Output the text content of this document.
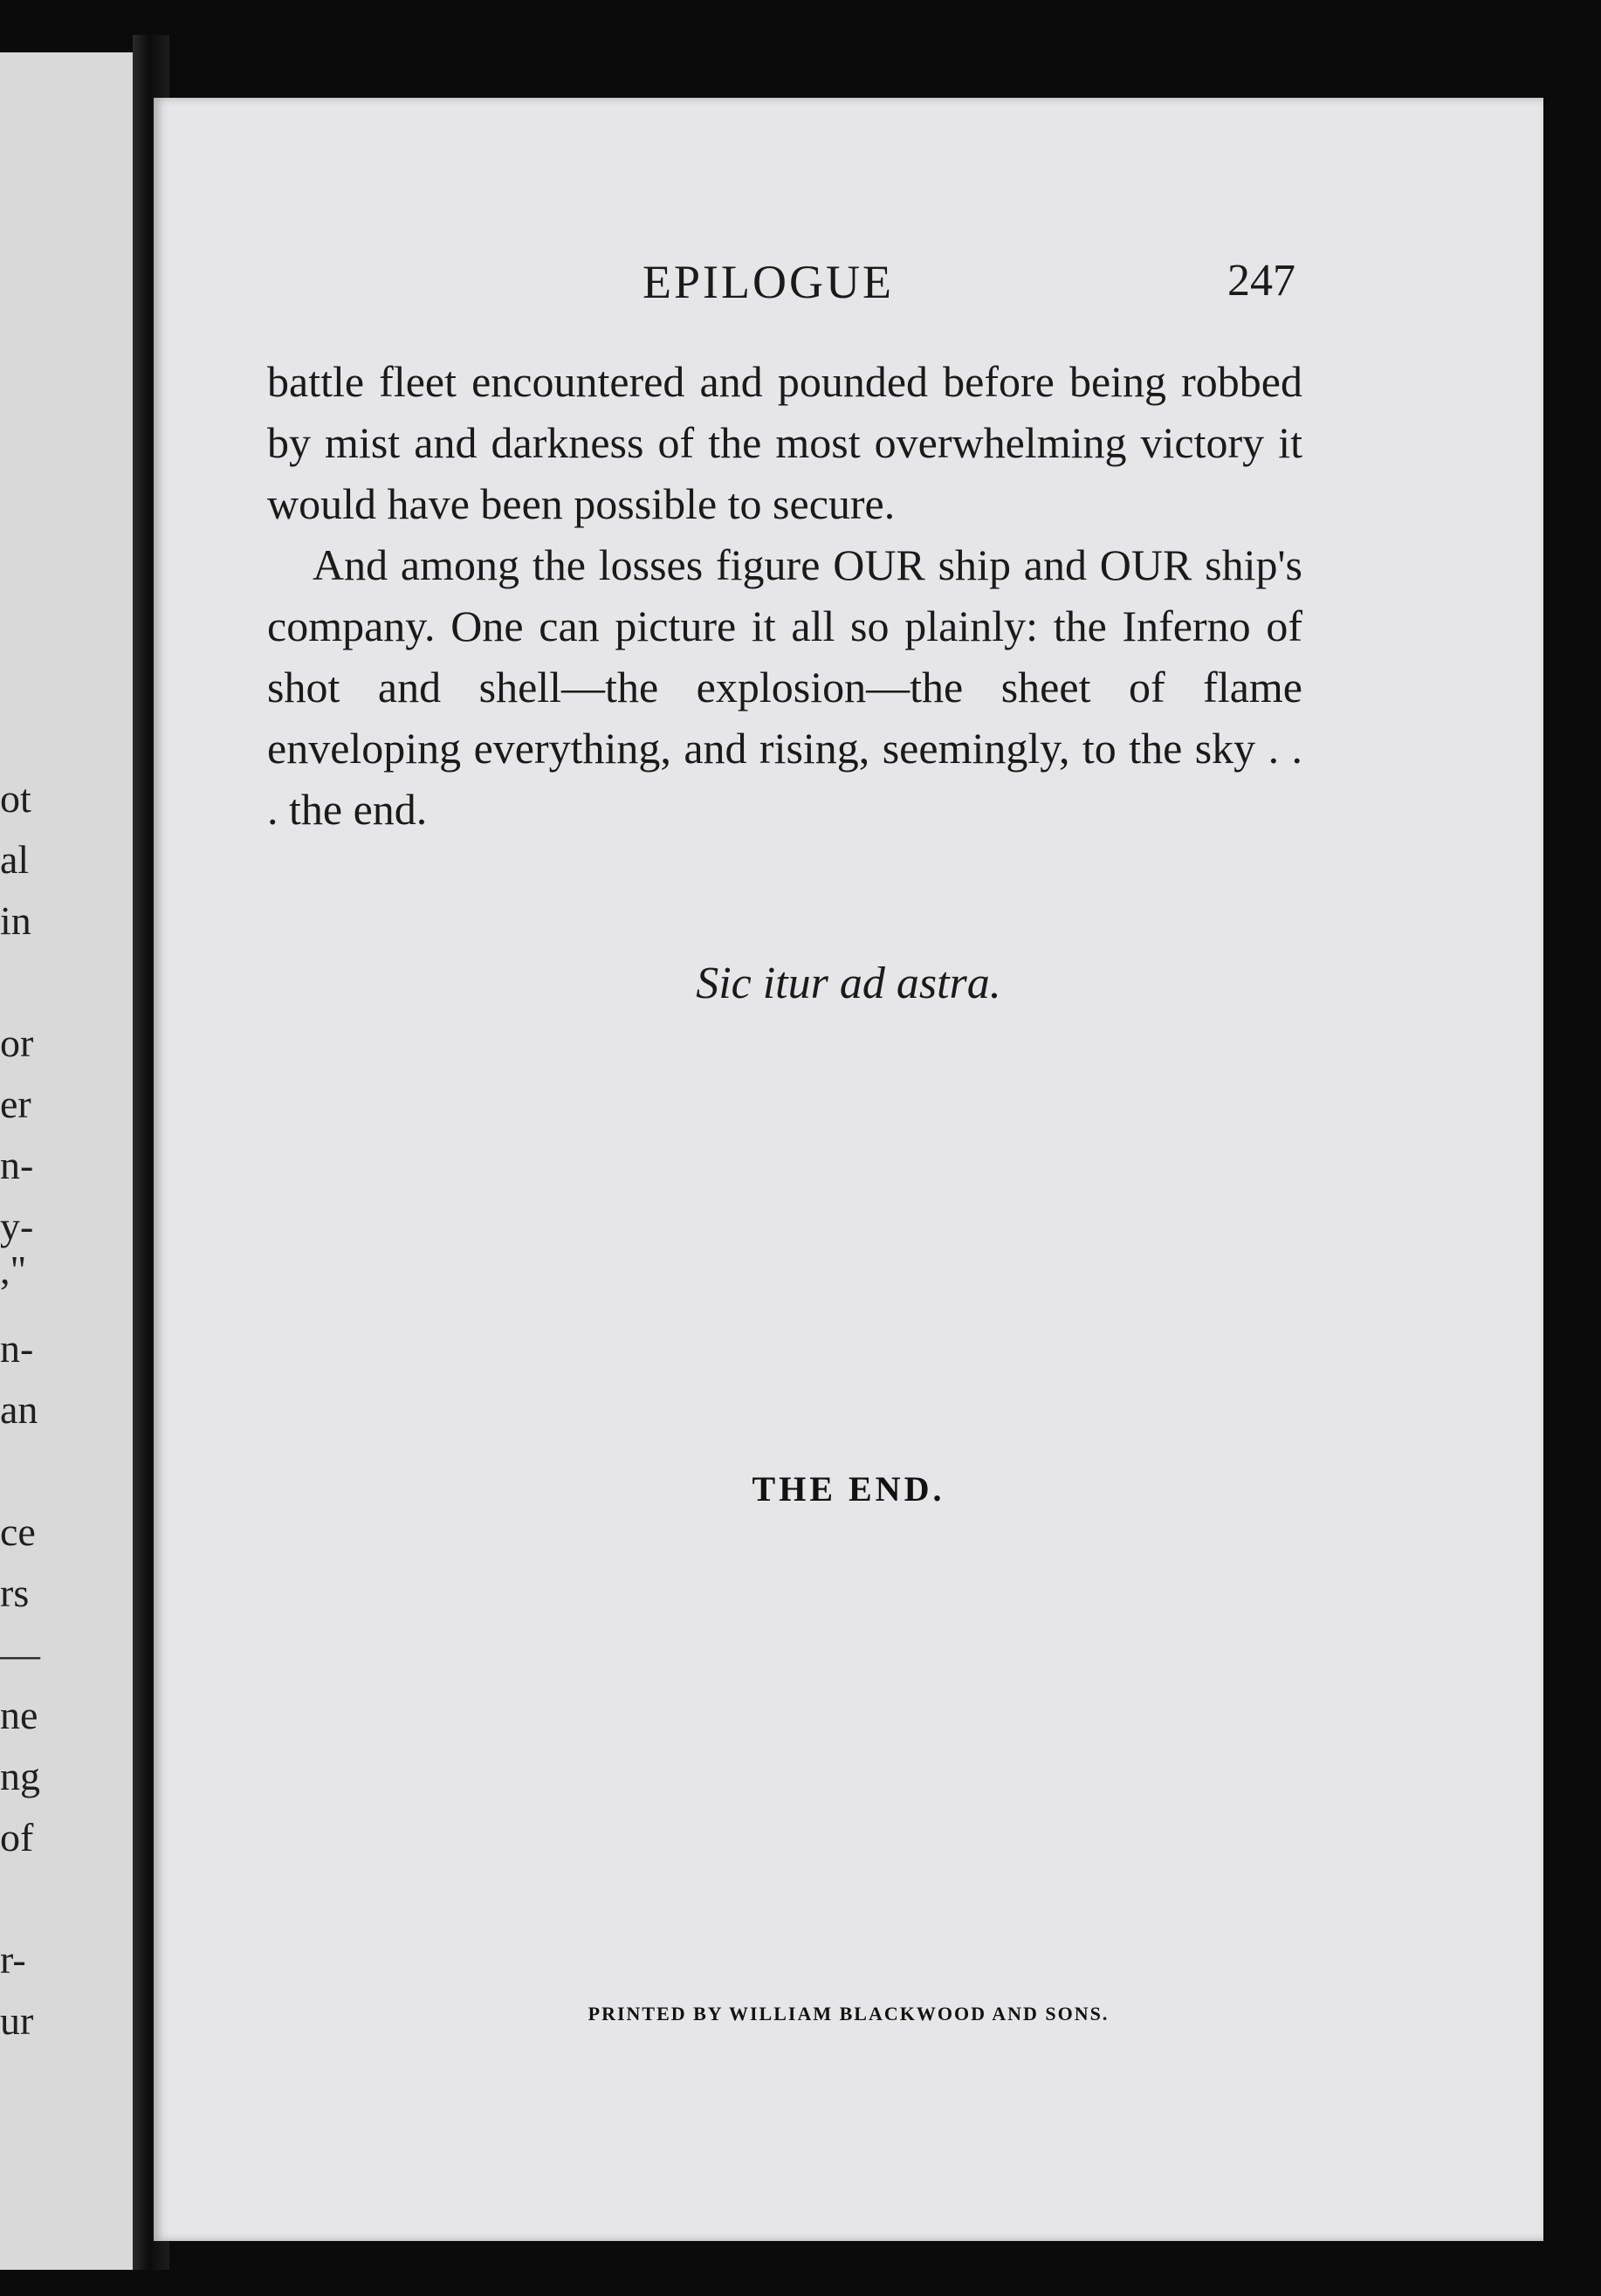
ot
al
in
or
er
n-
y-
,"
n-
an
ce
rs
—
ne
ng
of
r-
ur
EPILOGUE	247

battle fleet encountered and pounded before being robbed by mist and darkness of the most overwhelming victory it would have been possible to secure.

And among the losses figure OUR ship and OUR ship's company. One can picture it all so plainly: the Inferno of shot and shell—the explosion—the sheet of flame enveloping everything, and rising, seemingly, to the sky . . . the end.

Sic itur ad astra.
THE END.
PRINTED BY WILLIAM BLACKWOOD AND SONS.
